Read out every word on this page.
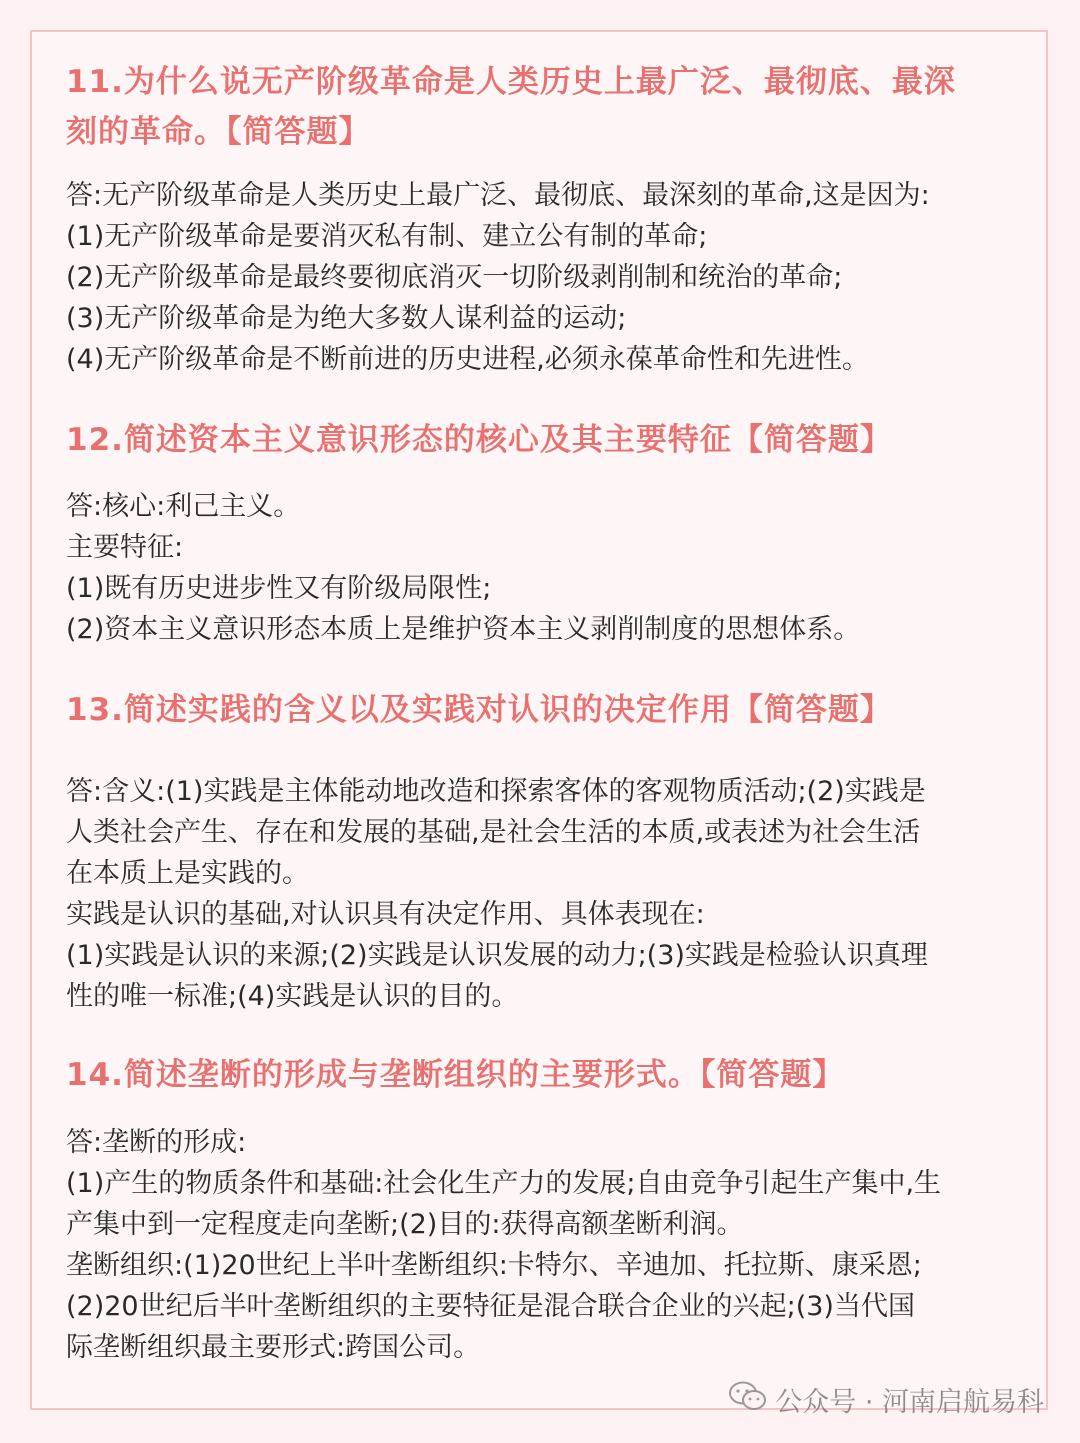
11.为什么说无产阶级革命是人类历史上最广泛、最彻底、最深
刻的革命。【简答题】

答:无产阶级革命是人类历史上最广泛、最彻底、最深刻的革命,这是因为:

(1)无产阶级革命是要消灭私有制、建立公有制的革命;

(2)无产阶级革命是最终要彻底消灭一切阶级剥削制和统治的革命;

(3)无产阶级革命是为绝大多数人谋利益的运动;

(4)无产阶级革命是不断前进的历史进程,必须永葆革命性和先进性。

12.简述资本主义意识形态的核心及其主要特征【简答题】

答:核心:利己主义。

主要特征:

(1)既有历史进步性又有阶级局限性;

(2)资本主义意识形态本质上是维护资本主义剥削制度的思想体系。

13.简述实践的含义以及实践对认识的决定作用【简答题】

答:含义:(1)实践是主体能动地改造和探索客体的客观物质活动;(2)实践是

人类社会产生、存在和发展的基础,是社会生活的本质,或表述为社会生活

在本质上是实践的。

实践是认识的基础,对认识具有决定作用、具体表现在:

(1)实践是认识的来源;(2)实践是认识发展的动力;(3)实践是检验认识真理

性的唯一标准;(4)实践是认识的目的。

14.简述垄断的形成与垄断组织的主要形式。【简答题】

答:垄断的形成:

(1)产生的物质条件和基础:社会化生产力的发展;自由竞争引起生产集中,生

产集中到一定程度走向垄断;(2)目的:获得高额垄断利润。

垄断组织:(1)20世纪上半叶垄断组织:卡特尔、辛迪加、托拉斯、康采恩;

(2)20世纪后半叶垄断组织的主要特征是混合联合企业的兴起;(3)当代国

际垄断组织最主要形式:跨国公司。

公众号 · 河南启航易科
